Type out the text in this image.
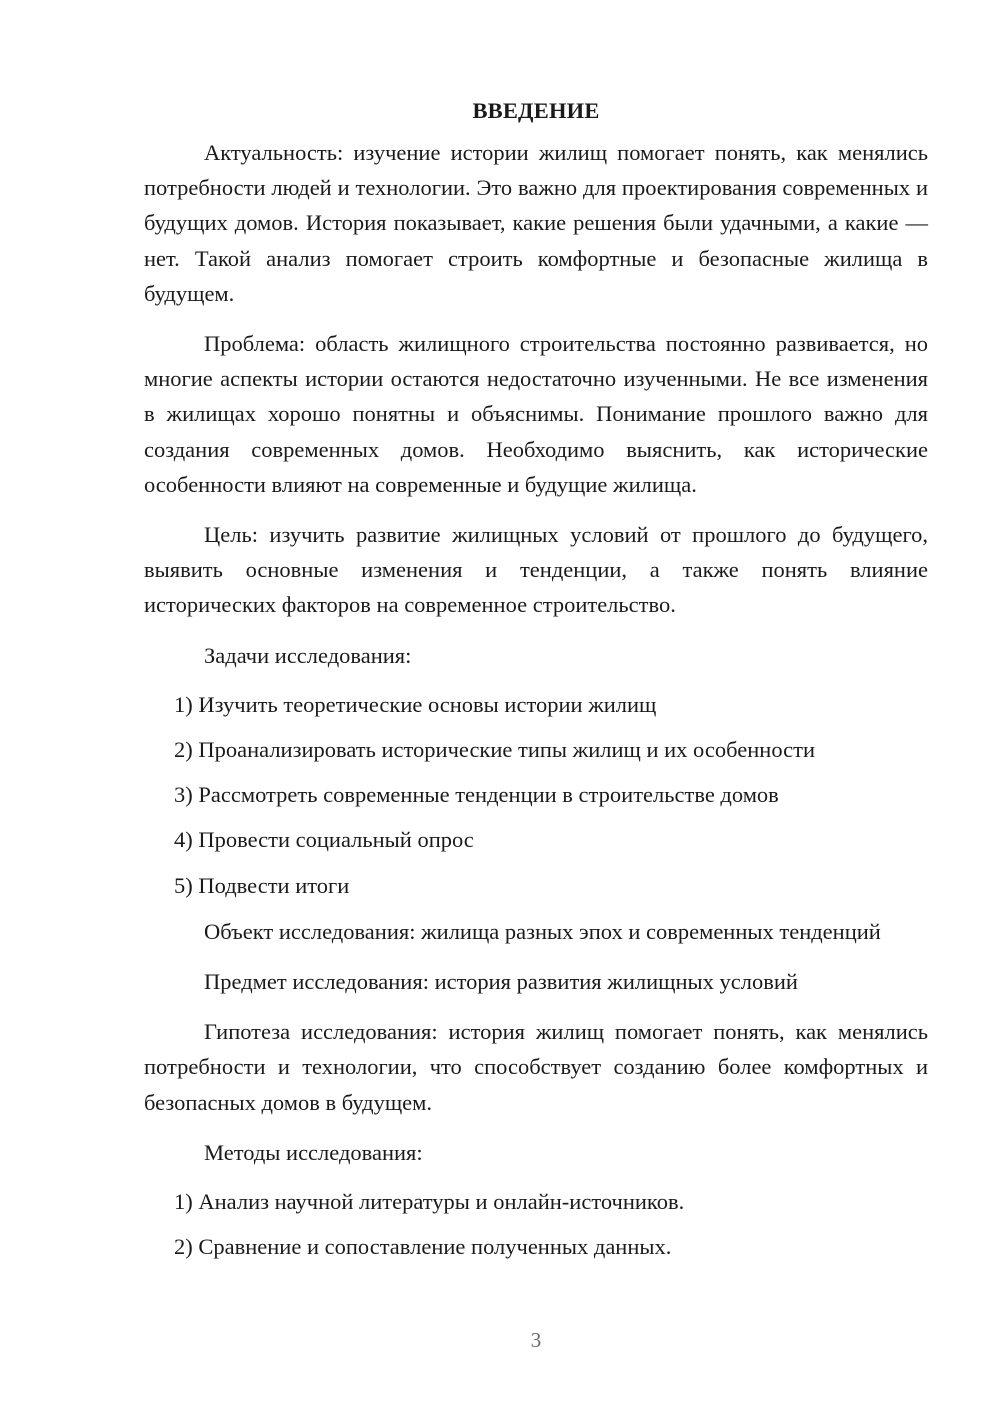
ВВЕДЕНИЕ

Актуальность: изучение истории жилищ помогает понять, как менялись потребности людей и технологии. Это важно для проектирования современных и будущих домов. История показывает, какие решения были удачными, а какие — нет. Такой анализ помогает строить комфортные и безопасные жилища в будущем.

Проблема: область жилищного строительства постоянно развивается, но многие аспекты истории остаются недостаточно изученными. Не все изменения в жилищах хорошо понятны и объяснимы. Понимание прошлого важно для создания современных домов. Необходимо выяснить, как исторические особенности влияют на современные и будущие жилища.

Цель: изучить развитие жилищных условий от прошлого до будущего, выявить основные изменения и тенденции, а также понять влияние исторических факторов на современное строительство.

Задачи исследования:

1) Изучить теоретические основы истории жилищ
2) Проанализировать исторические типы жилищ и их особенности
3) Рассмотреть современные тенденции в строительстве домов
4) Провести социальный опрос
5) Подвести итоги

Объект исследования: жилища разных эпох и современных тенденций

Предмет исследования: история развития жилищных условий

Гипотеза исследования: история жилищ помогает понять, как менялись потребности и технологии, что способствует созданию более комфортных и безопасных домов в будущем.

Методы исследования:

1) Анализ научной литературы и онлайн-источников.
2) Сравнение и сопоставление полученных данных.
3
